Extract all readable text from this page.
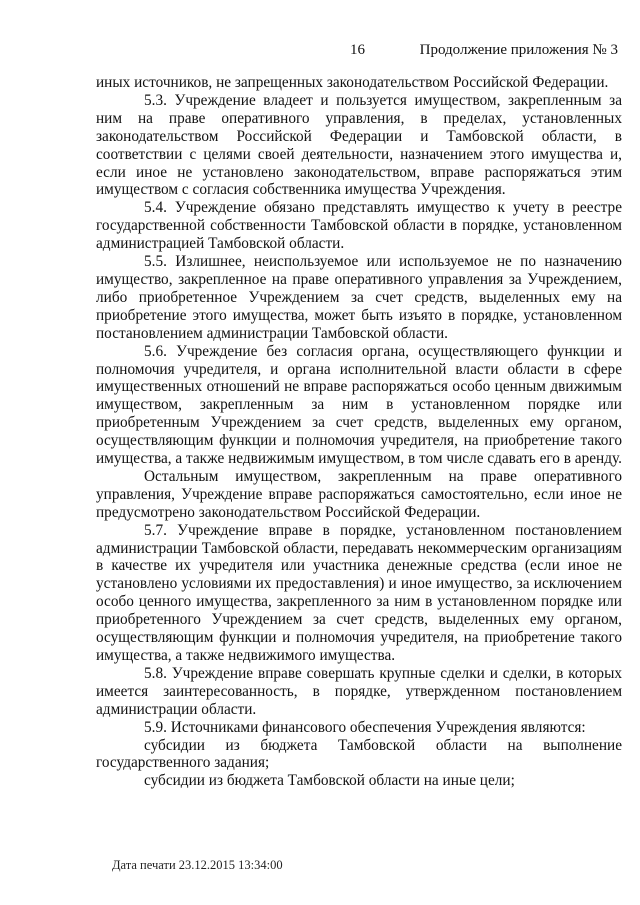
16	Продолжение приложения № 3

иных источников, не запрещенных законодательством Российской Федерации.

5.3. Учреждение владеет и пользуется имуществом, закрепленным за ним на праве оперативного управления, в пределах, установленных законодательством Российской Федерации и Тамбовской области, в соответствии с целями своей деятельности, назначением этого имущества и, если иное не установлено законодательством, вправе распоряжаться этим имуществом с согласия собственника имущества Учреждения.

5.4. Учреждение обязано представлять имущество к учету в реестре государственной собственности Тамбовской области в порядке, установленном администрацией Тамбовской области.

5.5. Излишнее, неиспользуемое или используемое не по назначению имущество, закрепленное на праве оперативного управления за Учреждением, либо приобретенное Учреждением за счет средств, выделенных ему на приобретение этого имущества, может быть изъято в порядке, установленном постановлением администрации Тамбовской области.

5.6. Учреждение без согласия органа, осуществляющего функции и полномочия учредителя, и органа исполнительной власти области в сфере имущественных отношений не вправе распоряжаться особо ценным движимым имуществом, закрепленным за ним в установленном порядке или приобретенным Учреждением за счет средств, выделенных ему органом, осуществляющим функции и полномочия учредителя, на приобретение такого имущества, а также недвижимым имуществом, в том числе сдавать его в аренду.

Остальным имуществом, закрепленным на праве оперативного управления, Учреждение вправе распоряжаться самостоятельно, если иное не предусмотрено законодательством Российской Федерации.

5.7. Учреждение вправе в порядке, установленном постановлением администрации Тамбовской области, передавать некоммерческим организациям в качестве их учредителя или участника денежные средства (если иное не установлено условиями их предоставления) и иное имущество, за исключением особо ценного имущества, закрепленного за ним в установленном порядке или приобретенного Учреждением за счет средств, выделенных ему органом, осуществляющим функции и полномочия учредителя, на приобретение такого имущества, а также недвижимого имущества.

5.8. Учреждение вправе совершать крупные сделки и сделки, в которых имеется заинтересованность, в порядке, утвержденном постановлением администрации области.

5.9. Источниками финансового обеспечения Учреждения являются:

субсидии из бюджета Тамбовской области на выполнение государственного задания;

субсидии из бюджета Тамбовской области на иные цели;

Дата печати 23.12.2015 13:34:00
